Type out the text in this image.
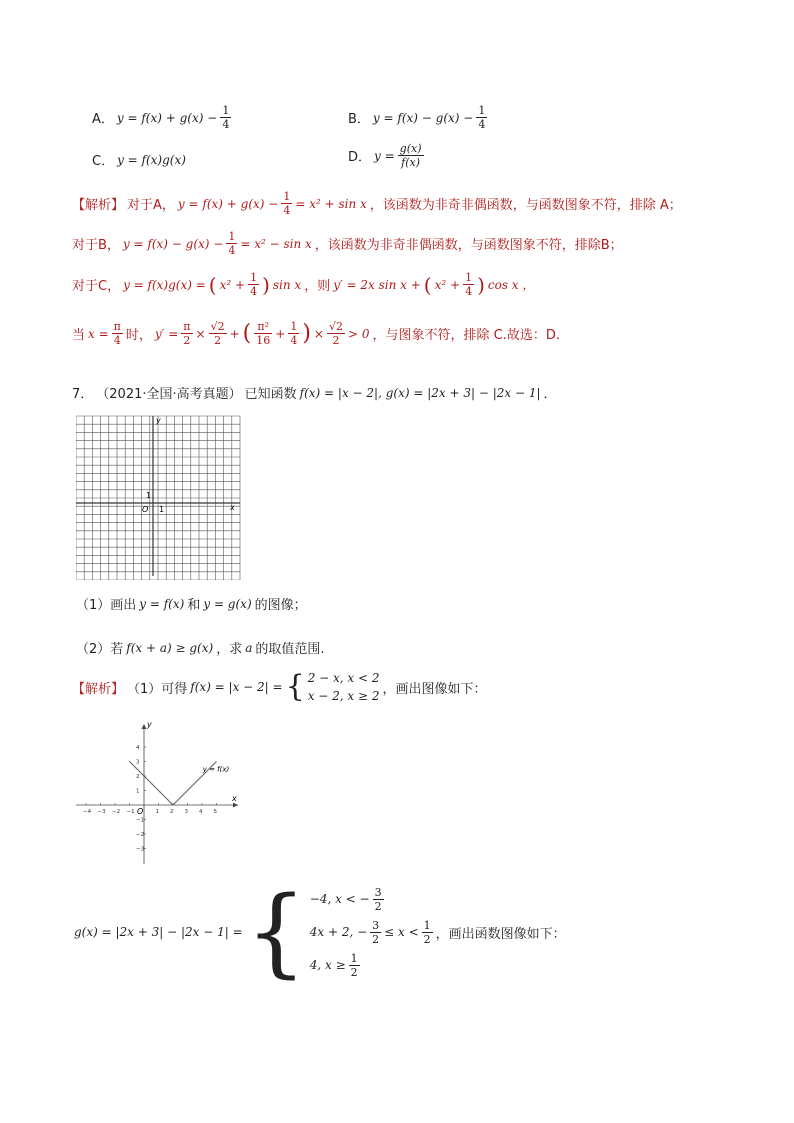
A． $y = f(x) + g(x) - \frac{1}{4}$	B． $y = f(x) - g(x) - \frac{1}{4}$
C． y = f(x)g(x)	D． $y = \frac{g(x)}{f(x)}$
【解析】 对于A， $y = f(x) + g(x) - \frac{1}{4} = x^2 + \sin x$ ，该函数为非奇非偶函数，与函数图象不符，排除 A；
对于B， $y = f(x) - g(x) - \frac{1}{4} = x^2 - \sin x$ ，该函数为非奇非偶函数，与函数图象不符，排除B；
对于C， y = f(x)g(x) = ( $x^2 + \frac{1}{4}$ ) sin x ，则 y′ = 2x sin x + ( $x^2 + \frac{1}{4}$ ) cos x ，
当 $x = \frac{\pi}{4}$ 时， $y' = \frac{\pi}{2} \times \frac{√2}{2}$ + ( $\frac{\text{π²}}{16} + \frac{1}{4}$ ) × $\frac{√2}{2} > 0$ ，与图象不符，排除 C.故选：D.
7． （2021·全国·高考真题） 已知函数 f(x) = |x − 2|, g(x) = |2x + 3| − |2x − 1| ．
y
x
O
1
1
（1）画出 y = f(x) 和 y = g(x) 的图像；
（2）若 f(x + a) ≥ g(x) ，求 a 的取值范围.
【解析】 （1）可得 f(x) = |x − 2| = { 2 − x, x < 2
x − 2, x ≥ 2 ，画出图像如下：
−4 −3 −2 −1	1 2 3 4 5
−3
−2
−1
1
2
3
4
x
y
O
y = f(x)
g(x) = |2x + 3| − |2x − 1| = { −4, x < − $\frac{3}{2}$
4x + 2, − $\frac{3}{2} \le x < \frac{1}{2}$ ，画出函数图像如下：
4, $x \ge \frac{1}{2}$
